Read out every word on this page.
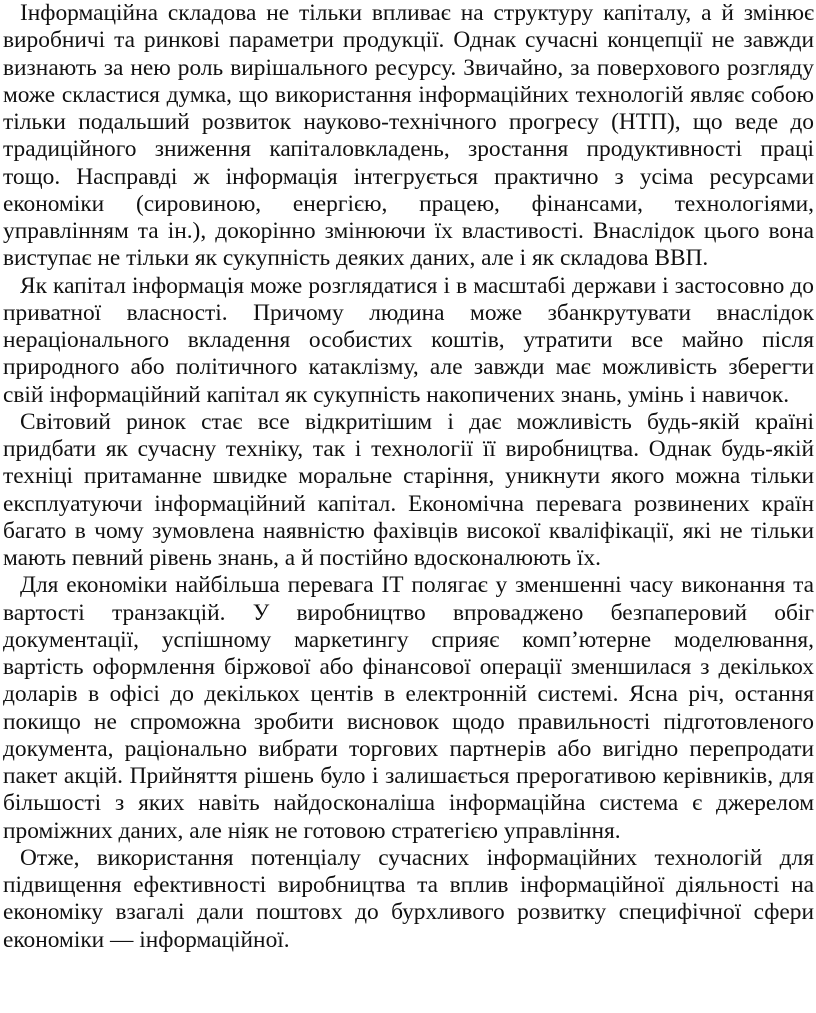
Інформаційна складова не тільки впливає на структуру капіталу, а й змінює виробничі та ринкові параметри продукції. Однак сучасні концепції не завжди визнають за нею роль вирішального ресурсу. Звичайно, за поверхового розгляду може скластися думка, що використання інформаційних технологій являє собою тільки подальший розвиток науково-технічного прогресу (НТП), що веде до традиційного зниження капіталовкладень, зростання продуктивності праці тощо. Насправді ж інформація інтегрується практично з усіма ресурсами економіки (сировиною, енергією, працею, фінансами, технологіями, управлінням та ін.), докорінно змінюючи їх властивості. Внаслідок цього вона виступає не тільки як сукупність деяких даних, але і як складова ВВП.

Як капітал інформація може розглядатися і в масштабі держави і застосовно до приватної власності. Причому людина може збанкрутувати внаслідок нераціонального вкладення особистих коштів, утратити все майно після природного або політичного катаклізму, але завжди має можливість зберегти свій інформаційний капітал як сукупність накопичених знань, умінь і навичок.

Світовий ринок стає все відкритішим і дає можливість будь-якій країні придбати як сучасну техніку, так і технології її виробництва. Однак будь-якій техніці притаманне швидке моральне старіння, уникнути якого можна тільки експлуатуючи інформаційний капітал. Економічна перевага розвинених країн багато в чому зумовлена наявністю фахівців високої кваліфікації, які не тільки мають певний рівень знань, а й постійно вдосконалюють їх.

Для економіки найбільша перевага ІТ полягає у зменшенні часу виконання та вартості транзакцій. У виробництво впроваджено безпаперовий обіг документації, успішному маркетингу сприяє комп’ютерне моделювання, вартість оформлення біржової або фінансової операції зменшилася з декількох доларів в офісі до декількох центів в електронній системі. Ясна річ, остання покищо не спроможна зробити висновок щодо правильності підготовленого документа, раціонально вибрати торгових партнерів або вигідно перепродати пакет акцій. Прийняття рішень було і залишається прерогативою керівників, для більшості з яких навіть найдосконаліша інформаційна система є джерелом проміжних даних, але ніяк не готовою стратегією управління.

Отже, використання потенціалу сучасних інформаційних технологій для підвищення ефективності виробництва та вплив інформаційної діяльності на економіку взагалі дали поштовх до бурхливого розвитку специфічної сфери економіки — інформаційної.
